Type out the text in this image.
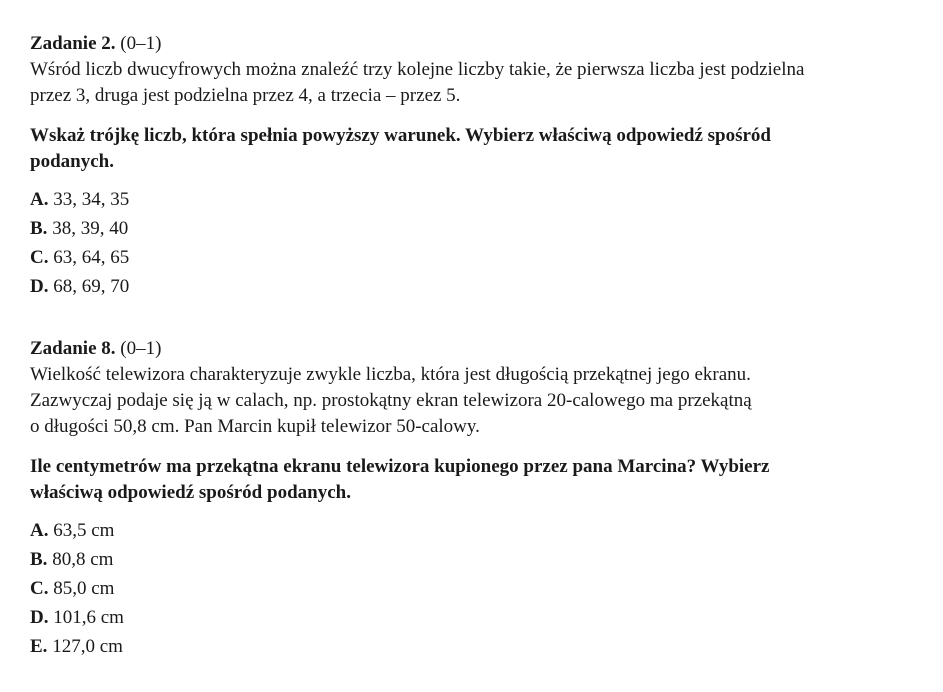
Zadanie 2. (0–1)

Wśród liczb dwucyfrowych można znaleźć trzy kolejne liczby takie, że pierwsza liczba jest podzielna
przez 3, druga jest podzielna przez 4, a trzecia – przez 5.
Wskaż trójkę liczb, która spełnia powyższy warunek. Wybierz właściwą odpowiedź spośród
podanych.
A. 33, 34, 35
B. 38, 39, 40
C. 63, 64, 65
D. 68, 69, 70

Zadanie 8. (0–1)

Wielkość telewizora charakteryzuje zwykle liczba, która jest długością przekątnej jego ekranu.
Zazwyczaj podaje się ją w calach, np. prostokątny ekran telewizora 20-calowego ma przekątną
o długości 50,8 cm. Pan Marcin kupił telewizor 50-calowy.
Ile centymetrów ma przekątna ekranu telewizora kupionego przez pana Marcina? Wybierz
właściwą odpowiedź spośród podanych.
A. 63,5 cm
B. 80,8 cm
C. 85,0 cm
D. 101,6 cm
E. 127,0 cm
